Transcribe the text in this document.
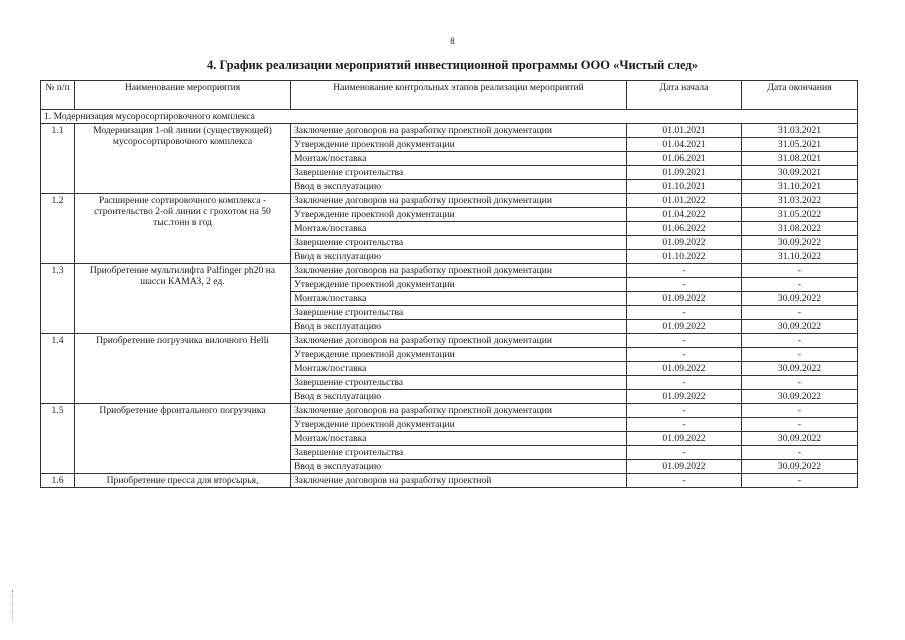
8
4. График реализации мероприятий инвестиционной программы ООО «Чистый след»
№ п/п	Наименование мероприятия	Наименование контрольных этапов реализации мероприятий	Дата начала	Дата окончания
1. Модернизация мусоросортировочного комплекса				
1.1	Модернизация 1-ой линии (существующей) мусоросортировочного комплекса	Заключение договоров на разработку проектной документации	01.01.2021	31.03.2021
		Утверждение проектной документации	01.04.2021	31.05.2021
		Монтаж/поставка	01.06.2021	31.08.2021
		Завершение строительства	01.09.2021	30.09.2021
		Ввод в эксплуатацию	01.10.2021	31.10.2021
1.2	Расширение сортировочного комплекса - строительство 2-ой линии с грохотом на 50 тыс.тонн в год	Заключение договоров на разработку проектной документации	01.01.2022	31.03.2022
		Утверждение проектной документации	01.04.2022	31.05.2022
		Монтаж/поставка	01.06.2022	31.08.2022
		Завершение строительства	01.09.2022	30.09.2022
		Ввод в эксплуатацию	01.10.2022	31.10.2022
1.3	Приобретение мультилифта Palfinger ph20 на шасси КАМАЗ, 2 ед.	Заключение договоров на разработку проектной документации	-	-
		Утверждение проектной документации	-	-
		Монтаж/поставка	01.09.2022	30.09.2022
		Завершение строительства	-	-
		Ввод в эксплуатацию	01.09.2022	30.09.2022
1.4	Приобретение погрузчика вилочного Helli	Заключение договоров на разработку проектной документации	-	-
		Утверждение проектной документации	-	-
		Монтаж/поставка	01.09.2022	30.09.2022
		Завершение строительства	-	-
		Ввод в эксплуатацию	01.09.2022	30.09.2022
1.5	Приобретение фронтального погрузчика	Заключение договоров на разработку проектной документации	-	-
		Утверждение проектной документации	-	-
		Монтаж/поставка	01.09.2022	30.09.2022
		Завершение строительства	-	-
		Ввод в эксплуатацию	01.09.2022	30.09.2022
1.6	Приобретение пресса для вторсырья,	Заключение договоров на разработку проектной	-	-
